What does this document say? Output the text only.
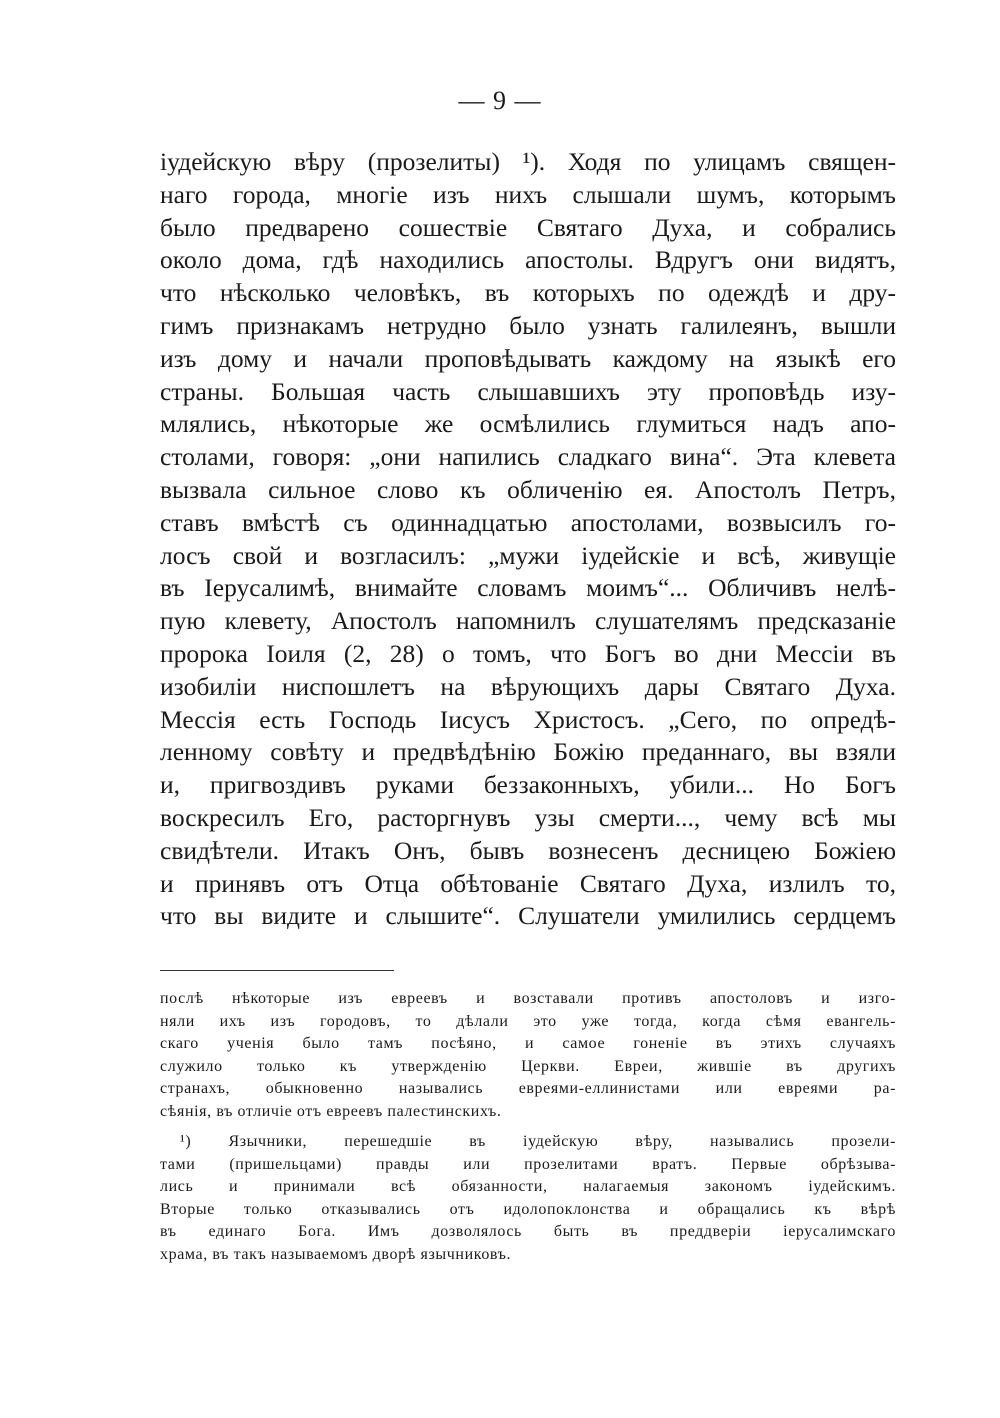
— 9 —
іудейскую вѣру (прозелиты) ¹). Ходя по улицамъ священ-
наго города, многіе изъ нихъ слышали шумъ, которымъ
было предварено сошествіе Святаго Духа, и собрались
около дома, гдѣ находились апостолы. Вдругъ они видятъ,
что нѣсколько человѣкъ, въ которыхъ по одеждѣ и дру-
гимъ признакамъ нетрудно было узнать галилеянъ, вышли
изъ дому и начали проповѣдывать каждому на языкѣ его
страны. Большая часть слышавшихъ эту проповѣдь изу-
млялись, нѣкоторые же осмѣлились глумиться надъ апо-
столами, говоря: „они напились сладкаго вина“. Эта клевета
вызвала сильное слово къ обличенію ея. Апостолъ Петръ,
ставъ вмѣстѣ съ одиннадцатью апостолами, возвысилъ го-
лосъ свой и возгласилъ: „мужи іудейскіе и всѣ, живущіе
въ Іерусалимѣ, внимайте словамъ моимъ“... Обличивъ нелѣ-
пую клевету, Апостолъ напомнилъ слушателямъ предсказаніе
пророка Іоиля (2, 28) о томъ, что Богъ во дни Мессіи въ
изобиліи ниспошлетъ на вѣрующихъ дары Святаго Духа.
Мессія есть Господь Іисусъ Христосъ. „Сего, по опредѣ-
ленному совѣту и предвѣдѣнію Божію преданнаго, вы взяли
и, пригвоздивъ руками беззаконныхъ, убили... Но Богъ
воскресилъ Его, расторгнувъ узы смерти..., чему всѣ мы
свидѣтели. Итакъ Онъ, бывъ вознесенъ десницею Божіею
и принявъ отъ Отца обѣтованіе Святаго Духа, излилъ то,
что вы видите и слышите“. Слушатели умилились сердцемъ
послѣ нѣкоторые изъ евреевъ и возставали противъ апостоловъ и изго-
няли ихъ изъ городовъ, то дѣлали это уже тогда, когда сѣмя евангель-
скаго ученія было тамъ посѣяно, и самое гоненіе въ этихъ случаяхъ
служило только къ утвержденію Церкви. Евреи, жившіе въ другихъ
странахъ, обыкновенно назывались евреями-еллинистами или евреями ра-
сѣянія, въ отличіе отъ евреевъ палестинскихъ.
¹) Язычники, перешедшіе въ іудейскую вѣру, назывались прозели-
тами (пришельцами) правды или прозелитами вратъ. Первые обрѣзыва-
лись и принимали всѣ обязанности, налагаемыя закономъ іудейскимъ.
Вторые только отказывались отъ идолопоклонства и обращались къ вѣрѣ
въ единаго Бога. Имъ дозволялось быть въ преддверіи іерусалимскаго
храма, въ такъ называемомъ дворѣ язычниковъ.
